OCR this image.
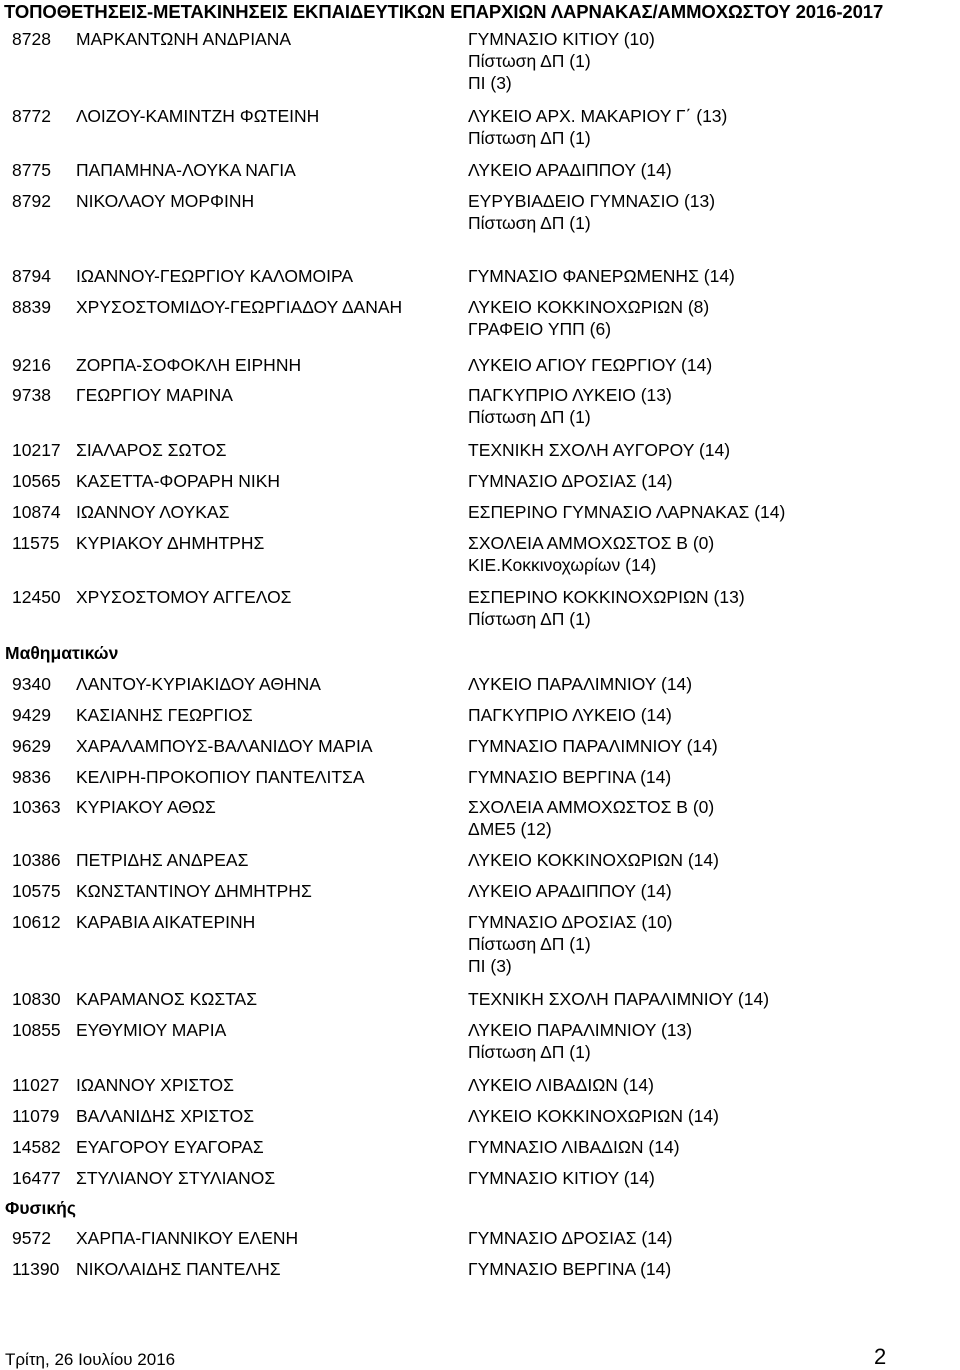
ΤΟΠΟΘΕΤΗΣΕΙΣ-ΜΕΤΑΚΙΝΗΣΕΙΣ ΕΚΠΑΙΔΕΥΤΙΚΩΝ ΕΠΑΡΧΙΩΝ ΛΑΡΝΑΚΑΣ/ΑΜΜΟΧΩΣΤΟΥ 2016-2017
8728 ΜΑΡΚΑΝΤΩΝΗ ΑΝΔΡΙΑΝΑ	ΓΥΜΝΑΣΙΟ ΚΙΤΙΟΥ (10)
Πίστωση ΔΠ (1)
ΠΙ (3)
8772 ΛΟΙΖΟΥ-ΚΑΜΙΝΤΖΗ ΦΩΤΕΙΝΗ	ΛΥΚΕΙΟ ΑΡΧ. ΜΑΚΑΡΙΟΥ Γ΄ (13)
Πίστωση ΔΠ (1)
8775 ΠΑΠΑΜΗΝΑ-ΛΟΥΚΑ ΝΑΓΙΑ	ΛΥΚΕΙΟ ΑΡΑΔΙΠΠΟΥ (14)
8792 ΝΙΚΟΛΑΟΥ ΜΟΡΦΙΝΗ	ΕΥΡΥΒΙΑΔΕΙΟ ΓΥΜΝΑΣΙΟ (13)
Πίστωση ΔΠ (1)
8794 ΙΩΑΝΝΟΥ-ΓΕΩΡΓΙΟΥ ΚΑΛΟΜΟΙΡΑ	ΓΥΜΝΑΣΙΟ ΦΑΝΕΡΩΜΕΝΗΣ (14)
8839 ΧΡΥΣΟΣΤΟΜΙΔΟΥ-ΓΕΩΡΓΙΑΔΟΥ ΔΑΝΑΗ	ΛΥΚΕΙΟ ΚΟΚΚΙΝΟΧΩΡΙΩΝ (8)
ΓΡΑΦΕΙΟ ΥΠΠ (6)
9216 ΖΟΡΠΑ-ΣΟΦΟΚΛΗ ΕΙΡΗΝΗ	ΛΥΚΕΙΟ ΑΓΙΟΥ ΓΕΩΡΓΙΟΥ (14)
9738 ΓΕΩΡΓΙΟΥ ΜΑΡΙΝΑ	ΠΑΓΚΥΠΡΙΟ ΛΥΚΕΙΟ (13)
Πίστωση ΔΠ (1)
10217 ΣΙΑΛΑΡΟΣ ΣΩΤΟΣ	ΤΕΧΝΙΚΗ ΣΧΟΛΗ ΑΥΓΟΡΟΥ (14)
10565 ΚΑΣΕΤΤΑ-ΦΟΡΑΡΗ ΝΙΚΗ	ΓΥΜΝΑΣΙΟ ΔΡΟΣΙΑΣ (14)
10874 ΙΩΑΝΝΟΥ ΛΟΥΚΑΣ	ΕΣΠΕΡΙΝΟ ΓΥΜΝΑΣΙΟ ΛΑΡΝΑΚΑΣ (14)
11575 ΚΥΡΙΑΚΟΥ ΔΗΜΗΤΡΗΣ	ΣΧΟΛΕΙΑ ΑΜΜΟΧΩΣΤΟΣ Β (0)
ΚΙΕ.Κοκκινοχωρίων (14)
12450 ΧΡΥΣΟΣΤΟΜΟΥ ΑΓΓΕΛΟΣ	ΕΣΠΕΡΙΝΟ ΚΟΚΚΙΝΟΧΩΡΙΩΝ (13)
Πίστωση ΔΠ (1)
Μαθηματικών
9340 ΛΑΝΤΟΥ-ΚΥΡΙΑΚΙΔΟΥ ΑΘΗΝΑ	ΛΥΚΕΙΟ ΠΑΡΑΛΙΜΝΙΟΥ (14)
9429 ΚΑΣΙΑΝΗΣ ΓΕΩΡΓΙΟΣ	ΠΑΓΚΥΠΡΙΟ ΛΥΚΕΙΟ (14)
9629 ΧΑΡΑΛΑΜΠΟΥΣ-ΒΑΛΑΝΙΔΟΥ ΜΑΡΙΑ	ΓΥΜΝΑΣΙΟ ΠΑΡΑΛΙΜΝΙΟΥ (14)
9836 ΚΕΛΙΡΗ-ΠΡΟΚΟΠΙΟΥ ΠΑΝΤΕΛΙΤΣΑ	ΓΥΜΝΑΣΙΟ ΒΕΡΓΙΝΑ (14)
10363 ΚΥΡΙΑΚΟΥ ΑΘΩΣ	ΣΧΟΛΕΙΑ ΑΜΜΟΧΩΣΤΟΣ Β (0)
ΔΜΕ5 (12)
10386 ΠΕΤΡΙΔΗΣ ΑΝΔΡΕΑΣ	ΛΥΚΕΙΟ ΚΟΚΚΙΝΟΧΩΡΙΩΝ (14)
10575 ΚΩΝΣΤΑΝΤΙΝΟΥ ΔΗΜΗΤΡΗΣ	ΛΥΚΕΙΟ ΑΡΑΔΙΠΠΟΥ (14)
10612 ΚΑΡΑΒΙΑ ΑΙΚΑΤΕΡΙΝΗ	ΓΥΜΝΑΣΙΟ ΔΡΟΣΙΑΣ (10)
Πίστωση ΔΠ (1)
ΠΙ (3)
10830 ΚΑΡΑΜΑΝΟΣ ΚΩΣΤΑΣ	ΤΕΧΝΙΚΗ ΣΧΟΛΗ ΠΑΡΑΛΙΜΝΙΟΥ (14)
10855 ΕΥΘΥΜΙΟΥ ΜΑΡΙΑ	ΛΥΚΕΙΟ ΠΑΡΑΛΙΜΝΙΟΥ (13)
Πίστωση ΔΠ (1)
11027 ΙΩΑΝΝΟΥ ΧΡΙΣΤΟΣ	ΛΥΚΕΙΟ ΛΙΒΑΔΙΩΝ (14)
11079 ΒΑΛΑΝΙΔΗΣ ΧΡΙΣΤΟΣ	ΛΥΚΕΙΟ ΚΟΚΚΙΝΟΧΩΡΙΩΝ (14)
14582 ΕΥΑΓΟΡΟΥ ΕΥΑΓΟΡΑΣ	ΓΥΜΝΑΣΙΟ ΛΙΒΑΔΙΩΝ (14)
16477 ΣΤΥΛΙΑΝΟΥ ΣΤΥΛΙΑΝΟΣ	ΓΥΜΝΑΣΙΟ ΚΙΤΙΟΥ (14)
Φυσικής
9572 ΧΑΡΠΑ-ΓΙΑΝΝΙΚΟΥ ΕΛΕΝΗ	ΓΥΜΝΑΣΙΟ ΔΡΟΣΙΑΣ (14)
11390 ΝΙΚΟΛΑΙΔΗΣ ΠΑΝΤΕΛΗΣ	ΓΥΜΝΑΣΙΟ ΒΕΡΓΙΝΑ (14)
Τρίτη, 26 Ιουλίου 2016	2
